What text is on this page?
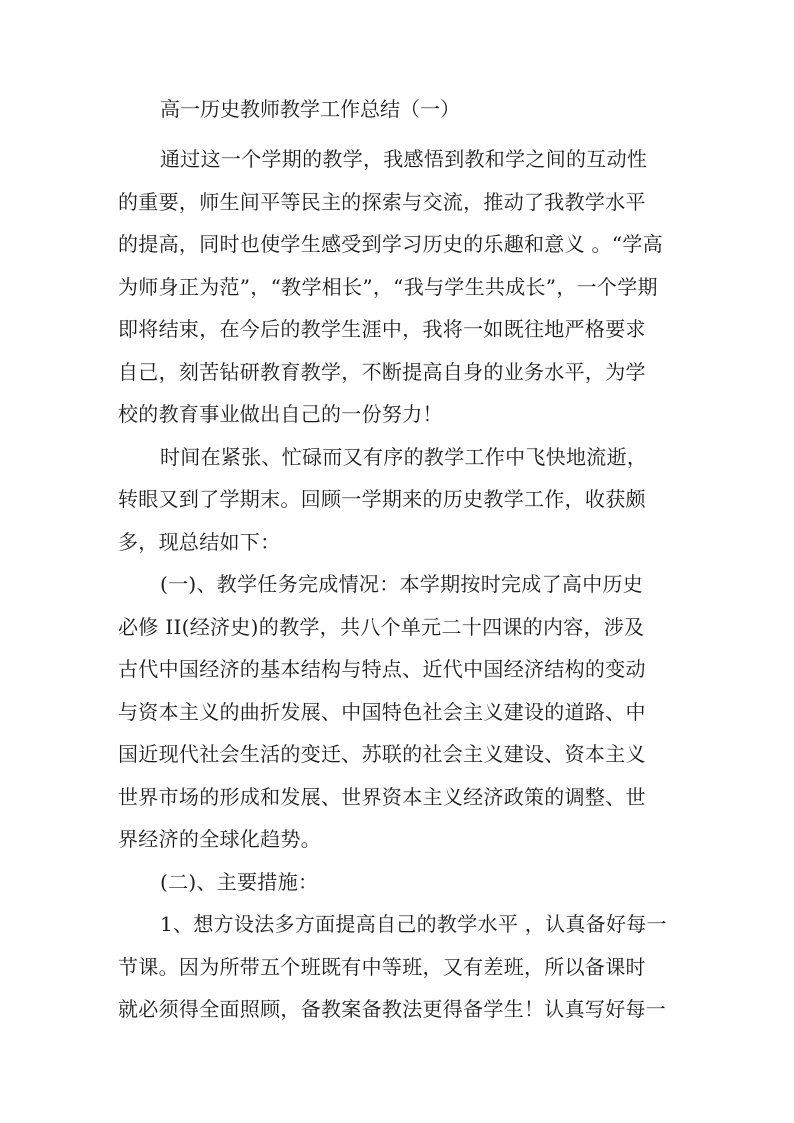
高一历史教师教学工作总结（一）
通过这一个学期的教学，我感悟到教和学之间的互动性
的重要，师生间平等民主的探索与交流，推动了我教学水平
的提高，同时也使学生感受到学习历史的乐趣和意义 。“学高
为师身正为范”，“教学相长”，“我与学生共成长”，一个学期
即将结束，在今后的教学生涯中，我将一如既往地严格要求
自己，刻苦钻研教育教学，不断提高自身的业务水平，为学
校的教育事业做出自己的一份努力！
时间在紧张、忙碌而又有序的教学工作中飞快地流逝，
转眼又到了学期末。回顾一学期来的历史教学工作，收获颇
多，现总结如下：
(一)、教学任务完成情况：本学期按时完成了高中历史
必修 II(经济史)的教学，共八个单元二十四课的内容，涉及
古代中国经济的基本结构与特点、近代中国经济结构的变动
与资本主义的曲折发展、中国特色社会主义建设的道路、中
国近现代社会生活的变迁、苏联的社会主义建设、资本主义
世界市场的形成和发展、世界资本主义经济政策的调整、世
界经济的全球化趋势。
(二)、主要措施：
1、想方设法多方面提高自己的教学水平 ，认真备好每一
节课。因为所带五个班既有中等班，又有差班，所以备课时
就必须得全面照顾，备教案备教法更得备学生！认真写好每一
